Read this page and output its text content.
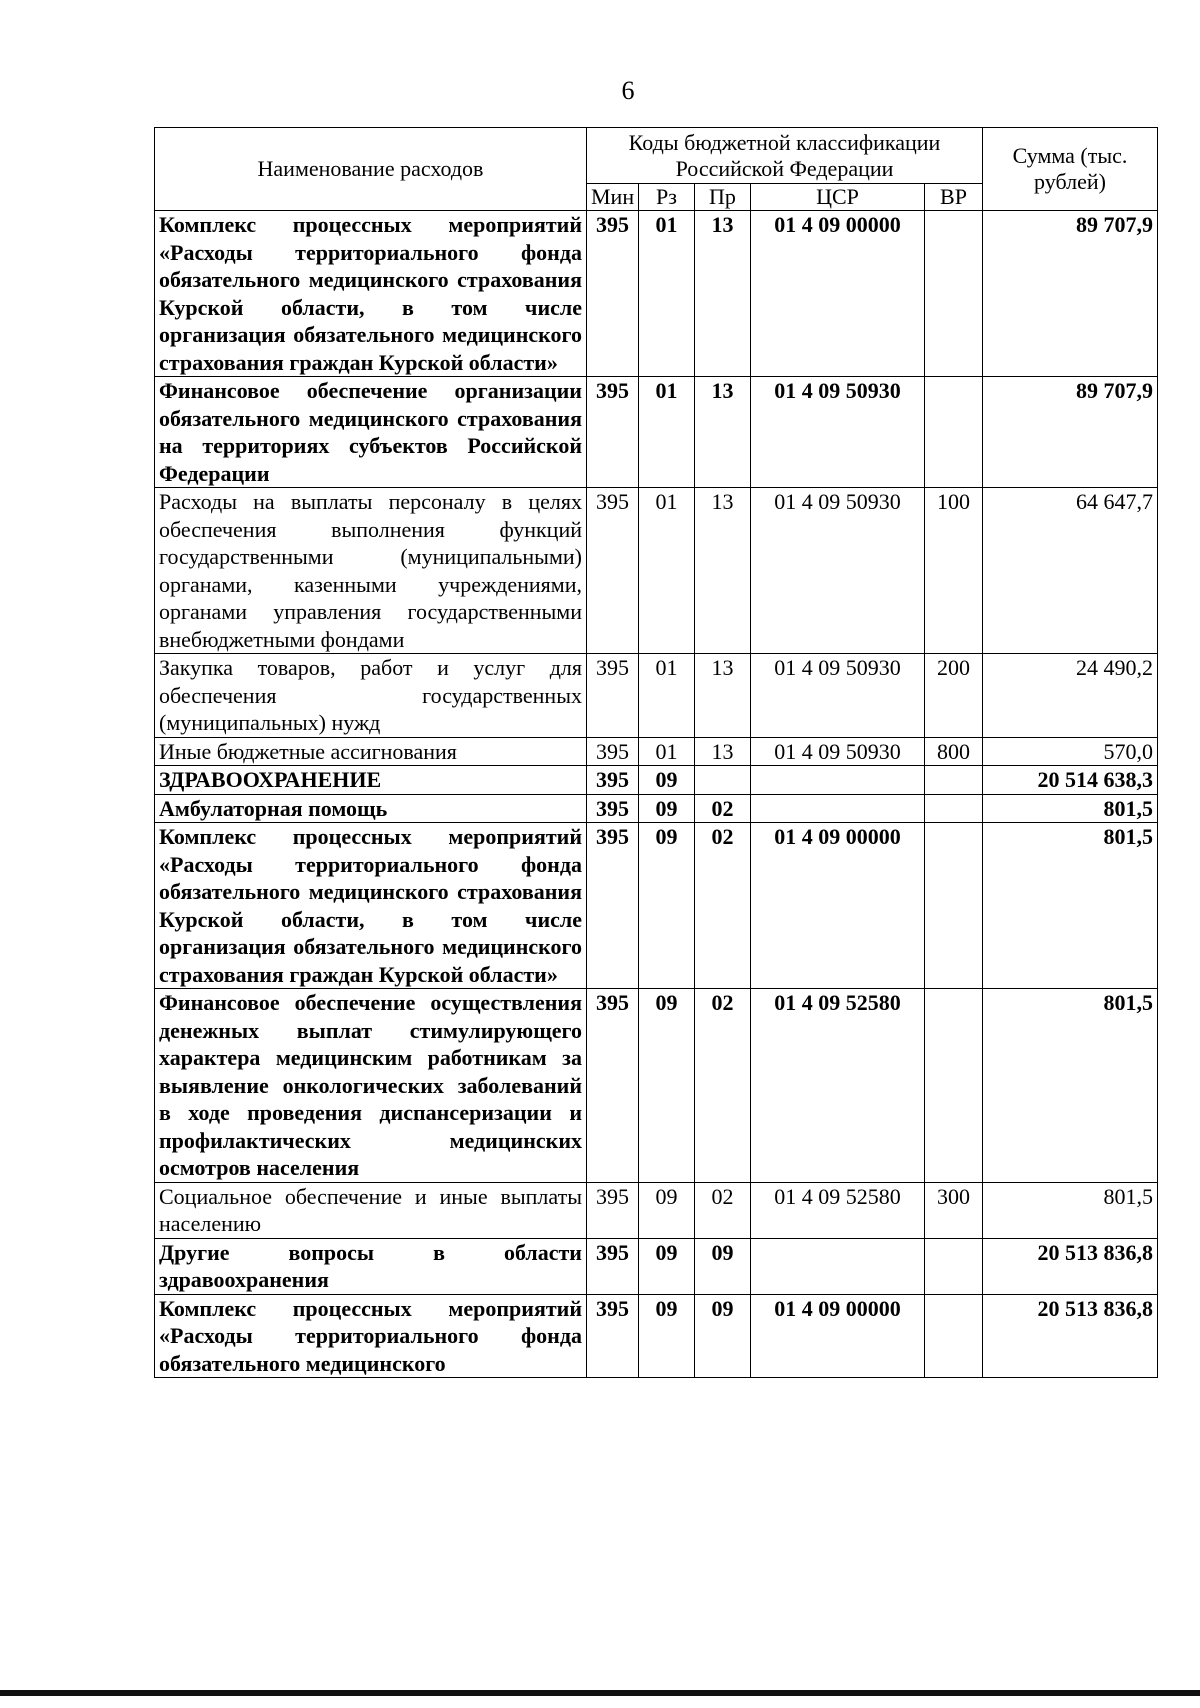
6
Наименование расходов	Коды бюджетной классификации Российской Федерации					Сумма (тыс. рублей)
	Мин	Рз	Пр	ЦСР	ВР	
Комплекс процессных мероприятий «Расходы территориального фонда обязательного медицинского страхования Курской области, в том числе организация обязательного медицинского страхования граждан Курской области»	395	01	13	01 4 09 00000		89 707,9
Финансовое обеспечение организации обязательного медицинского страхования на территориях субъектов Российской Федерации	395	01	13	01 4 09 50930		89 707,9
Расходы на выплаты персоналу в целях обеспечения выполнения функций государственными (муниципальными) органами, казенными учреждениями, органами управления государственными внебюджетными фондами	395	01	13	01 4 09 50930	100	64 647,7
Закупка товаров, работ и услуг для обеспечения государственных (муниципальных) нужд	395	01	13	01 4 09 50930	200	24 490,2
Иные бюджетные ассигнования	395	01	13	01 4 09 50930	800	570,0
ЗДРАВООХРАНЕНИЕ	395	09				20 514 638,3
Амбулаторная помощь	395	09	02			801,5
Комплекс процессных мероприятий «Расходы территориального фонда обязательного медицинского страхования Курской области, в том числе организация обязательного медицинского страхования граждан Курской области»	395	09	02	01 4 09 00000		801,5
Финансовое обеспечение осуществления денежных выплат стимулирующего характера медицинским работникам за выявление онкологических заболеваний в ходе проведения диспансеризации и профилактических медицинских осмотров населения	395	09	02	01 4 09 52580		801,5
Социальное обеспечение и иные выплаты населению	395	09	02	01 4 09 52580	300	801,5
Другие вопросы в области здравоохранения	395	09	09			20 513 836,8
Комплекс процессных мероприятий «Расходы территориального фонда обязательного медицинского	395	09	09	01 4 09 00000		20 513 836,8
